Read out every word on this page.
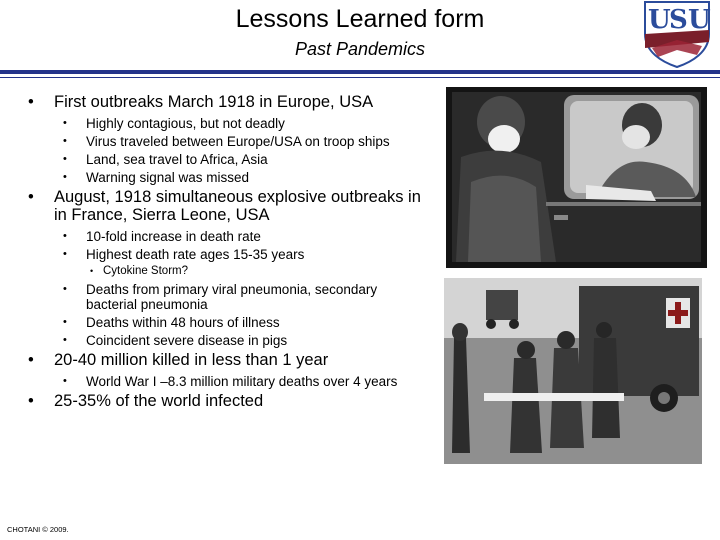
Lessons Learned form
Past Pandemics
U
S U
• First outbreaks March 1918 in Europe, USA
• Highly contagious, but not deadly
• Virus traveled between Europe/USA on troop ships
• Land, sea travel to Africa, Asia
• Warning signal was missed
• August, 1918 simultaneous explosive outbreaks in in France, Sierra Leone, USA
• 10-fold increase in death rate
• Highest death rate ages 15-35 years
• Cytokine Storm?
• Deaths from primary viral pneumonia, secondary bacterial pneumonia
• Deaths within 48 hours of illness
• Coincident severe disease in pigs
• 20-40 million killed in less than 1 year
• World War I –8.3 million military deaths over 4 years
• 25-35% of the world infected
CHOTANI © 2009.
